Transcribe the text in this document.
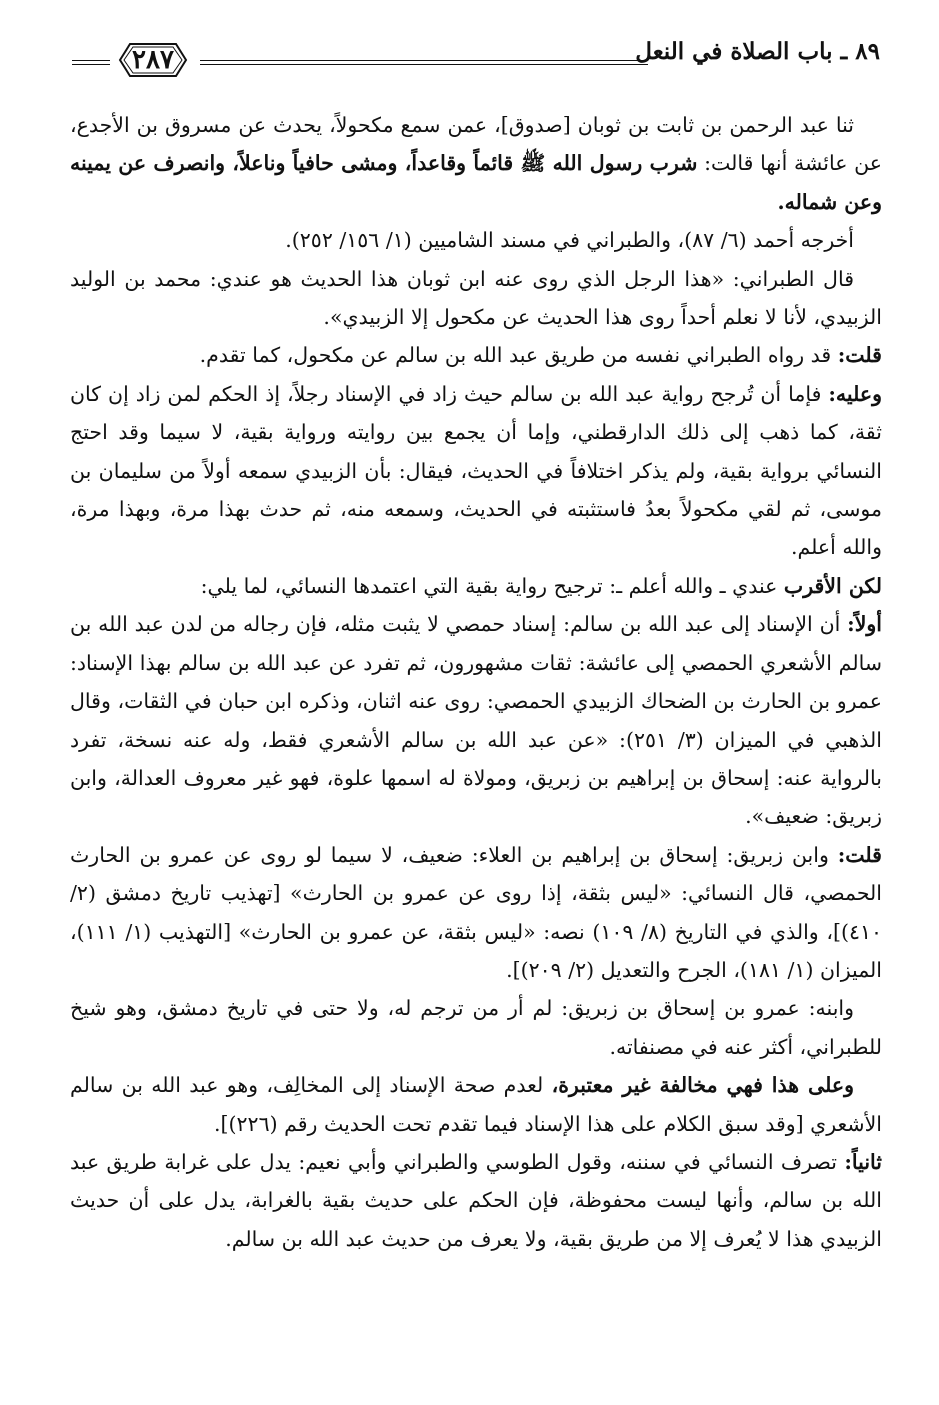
٨٩ ـ باب الصلاة في النعل
٢٨٧

ثنا عبد الرحمن بن ثابت بن ثوبان [صدوق]، عمن سمع مكحولاً، يحدث عن مسروق بن الأجدع، عن عائشة أنها قالت: شرب رسول الله ﷺ قائماً وقاعداً، ومشى حافياً وناعلاً، وانصرف عن يمينه وعن شماله.

أخرجه أحمد (٦/ ٨٧)، والطبراني في مسند الشاميين (١/ ١٥٦/ ٢٥٢).

قال الطبراني: «هذا الرجل الذي روى عنه ابن ثوبان هذا الحديث هو عندي: محمد بن الوليد الزبيدي، لأنا لا نعلم أحداً روى هذا الحديث عن مكحول إلا الزبيدي».

قلت: قد رواه الطبراني نفسه من طريق عبد الله بن سالم عن مكحول، كما تقدم.

وعليه: فإما أن تُرجح رواية عبد الله بن سالم حيث زاد في الإسناد رجلاً، إذ الحكم لمن زاد إن كان ثقة، كما ذهب إلى ذلك الدارقطني، وإما أن يجمع بين روايته ورواية بقية، لا سيما وقد احتج النسائي برواية بقية، ولم يذكر اختلافاً في الحديث، فيقال: بأن الزبيدي سمعه أولاً من سليمان بن موسى، ثم لقي مكحولاً بعدُ فاستثبته في الحديث، وسمعه منه، ثم حدث بهذا مرة، وبهذا مرة، والله أعلم.

لكن الأقرب عندي ـ والله أعلم ـ: ترجيح رواية بقية التي اعتمدها النسائي، لما يلي:

أولاً: أن الإسناد إلى عبد الله بن سالم: إسناد حمصي لا يثبت مثله، فإن رجاله من لدن عبد الله بن سالم الأشعري الحمصي إلى عائشة: ثقات مشهورون، ثم تفرد عن عبد الله بن سالم بهذا الإسناد: عمرو بن الحارث بن الضحاك الزبيدي الحمصي: روى عنه اثنان، وذكره ابن حبان في الثقات، وقال الذهبي في الميزان (٣/ ٢٥١): «عن عبد الله بن سالم الأشعري فقط، وله عنه نسخة، تفرد بالرواية عنه: إسحاق بن إبراهيم بن زبريق، ومولاة له اسمها علوة، فهو غير معروف العدالة، وابن زبريق: ضعيف».

قلت: وابن زبريق: إسحاق بن إبراهيم بن العلاء: ضعيف، لا سيما لو روى عن عمرو بن الحارث الحمصي، قال النسائي: «ليس بثقة، إذا روى عن عمرو بن الحارث» [تهذيب تاريخ دمشق (٢/ ٤١٠)]، والذي في التاريخ (٨/ ١٠٩) نصه: «ليس بثقة، عن عمرو بن الحارث» [التهذيب (١/ ١١١)، الميزان (١/ ١٨١)، الجرح والتعديل (٢/ ٢٠٩)].

وابنه: عمرو بن إسحاق بن زبريق: لم أر من ترجم له، ولا حتى في تاريخ دمشق، وهو شيخ للطبراني، أكثر عنه في مصنفاته.

وعلى هذا فهي مخالفة غير معتبرة، لعدم صحة الإسناد إلى المخالِف، وهو عبد الله بن سالم الأشعري [وقد سبق الكلام على هذا الإسناد فيما تقدم تحت الحديث رقم (٢٢٦)].

ثانياً: تصرف النسائي في سننه، وقول الطوسي والطبراني وأبي نعيم: يدل على غرابة طريق عبد الله بن سالم، وأنها ليست محفوظة، فإن الحكم على حديث بقية بالغرابة، يدل على أن حديث الزبيدي هذا لا يُعرف إلا من طريق بقية، ولا يعرف من حديث عبد الله بن سالم.
